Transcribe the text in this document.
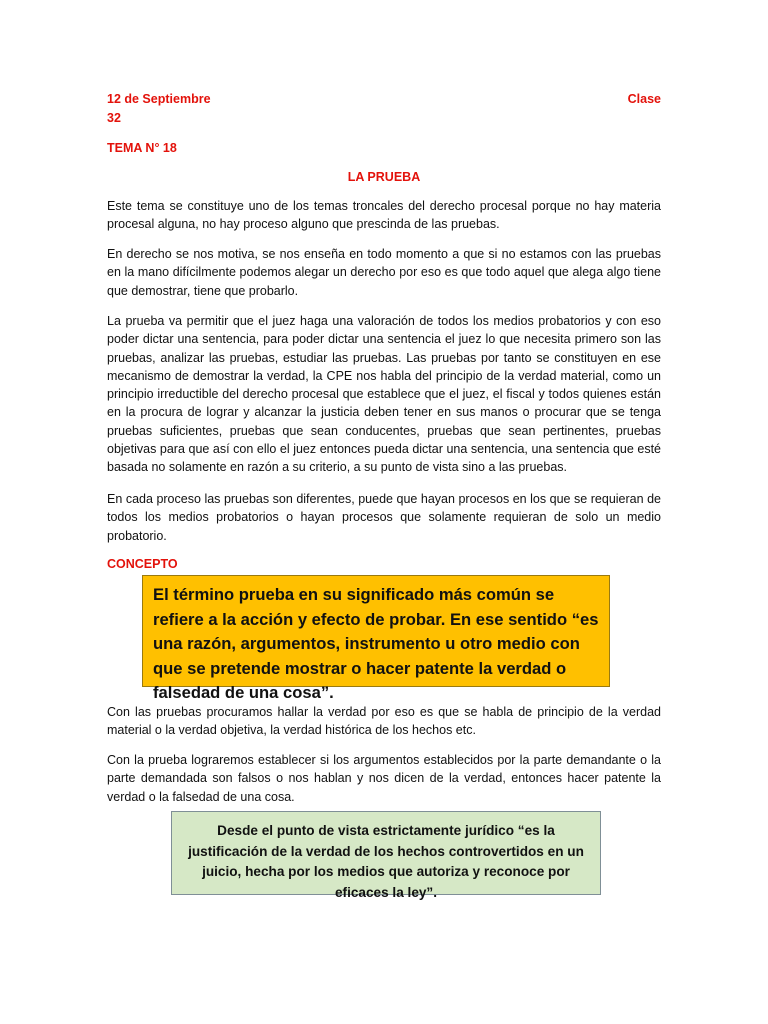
12 de Septiembre	Clase
32
TEMA N° 18
LA PRUEBA

Este tema se constituye uno de los temas troncales del derecho procesal porque no hay materia procesal alguna, no hay proceso alguno que prescinda de las pruebas.

En derecho se nos motiva, se nos enseña en todo momento a que si no estamos con las pruebas en la mano difícilmente podemos alegar un derecho por eso es que todo aquel que alega algo tiene que demostrar, tiene que probarlo.

La prueba va permitir que el juez haga una valoración de todos los medios probatorios y con eso poder dictar una sentencia, para poder dictar una sentencia el juez lo que necesita primero son las pruebas, analizar las pruebas, estudiar las pruebas. Las pruebas por tanto se constituyen en ese mecanismo de demostrar la verdad, la CPE nos habla del principio de la verdad material, como un principio irreductible del derecho procesal que establece que el juez, el fiscal y todos quienes están en la procura de lograr y alcanzar la justicia deben tener en sus manos o procurar que se tenga pruebas suficientes, pruebas que sean conducentes, pruebas que sean pertinentes, pruebas objetivas para que así con ello el juez entonces pueda dictar una sentencia, una sentencia que esté basada no solamente en razón a su criterio, a su punto de vista sino a las pruebas.

En cada proceso las pruebas son diferentes, puede que hayan procesos en los que se requieran de todos los medios probatorios o hayan procesos que solamente requieran de solo un medio probatorio.

CONCEPTO

El término prueba en su significado más común se refiere a la acción y efecto de probar. En ese sentido “es una razón, argumentos, instrumento u otro medio con que se pretende mostrar o hacer patente la verdad o falsedad de una cosa”.

Con las pruebas procuramos hallar la verdad por eso es que se habla de principio de la verdad material o la verdad objetiva, la verdad histórica de los hechos etc.

Con la prueba lograremos establecer si los argumentos establecidos por la parte demandante o la parte demandada son falsos o nos hablan y nos dicen de la verdad, entonces hacer patente la verdad o la falsedad de una cosa.

Desde el punto de vista estrictamente jurídico “es la justificación de la verdad de los hechos controvertidos en un juicio, hecha por los medios que autoriza y reconoce por eficaces la ley”.
